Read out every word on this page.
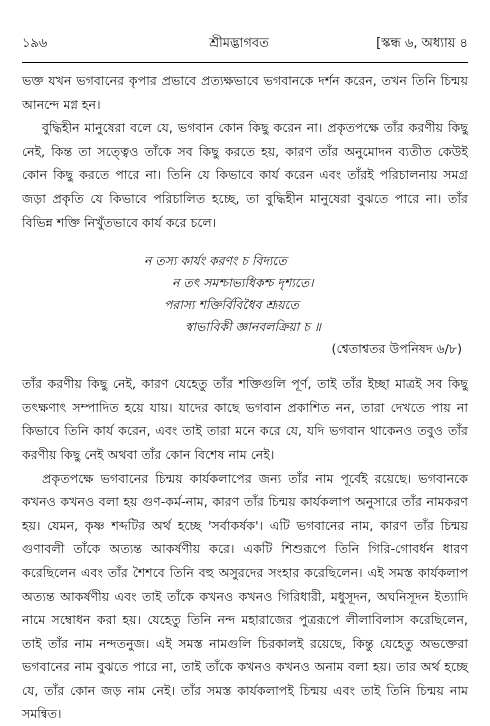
১৯৬	শ্রীমদ্ভাগবত	[স্কন্ধ ৬, অধ্যায় ৪

ভক্ত যখন ভগবানের কৃপার প্রভাবে প্রত্যক্ষভাবে ভগবানকে দর্শন করেন, তখন তিনি চিন্ময় আনন্দে মগ্ন হন।

বুদ্ধিহীন মানুষেরা বলে যে, ভগবান কোন কিছু করেন না। প্রকৃতপক্ষে তাঁর করণীয় কিছু নেই, কিন্ত তা সত্ত্বেও তাঁকে সব কিছু করতে হয়, কারণ তাঁর অনুমোদন ব্যতীত কেউই কোন কিছু করতে পারে না। তিনি যে কিভাবে কার্য করেন এবং তাঁরই পরিচালনায় সমগ্র জড়া প্রকৃতি যে কিভাবে পরিচালিত হচ্ছে, তা বুদ্ধিহীন মানুষেরা বুঝতে পারে না। তাঁর বিভিন্ন শক্তি নিখুঁতভাবে কার্য করে চলে।

ন তস্য কার্যং করণং চ বিদ্যতে

ন তৎ সমশ্চাভ্যধিকশ্চ দৃশ্যতে।

পরাস্য শক্তির্বিবিধৈব শ্রূয়তে

স্বাভাবিকী জ্ঞানবলক্রিয়া চ ॥

(শ্বেতাশ্বতর উপনিষদ ৬/৮)

তাঁর করণীয় কিছু নেই, কারণ যেহেতু তাঁর শক্তিগুলি পূর্ণ, তাই তাঁর ইচ্ছা মাত্রই সব কিছু তৎক্ষণাৎ সম্পাদিত হয়ে যায়। যাদের কাছে ভগবান প্রকাশিত নন, তারা দেখতে পায় না কিভাবে তিনি কার্য করেন, এবং তাই তারা মনে করে যে, যদি ভগবান থাকেনও তবুও তাঁর করণীয় কিছু নেই অথবা তাঁর কোন বিশেষ নাম নেই।

প্রকৃতপক্ষে ভগবানের চিন্ময় কার্যকলাপের জন্য তাঁর নাম পূর্বেই রয়েছে। ভগবানকে কখনও কখনও বলা হয় গুণ-কর্ম-নাম, কারণ তাঁর চিন্ময় কার্যকলাপ অনুসারে তাঁর নামকরণ হয়। যেমন, কৃষ্ণ শব্দটির অর্থ হচ্ছে 'সর্বাকর্ষক'। এটি ভগবানের নাম, কারণ তাঁর চিন্ময় গুণাবলী তাঁকে অত্যন্ত আকর্ষণীয় করে। একটি শিশুরূপে তিনি গিরি-গোবর্ধন ধারণ করেছিলেন এবং তাঁর শৈশবে তিনি বহু অসুরদের সংহার করেছিলেন। এই সমস্ত কার্যকলাপ অত্যন্ত আকর্ষণীয় এবং তাই তাঁকে কখনও কখনও গিরিধারী, মধুসূদন, অঘনিসূদন ইত্যাদি নামে সম্বোধন করা হয়। যেহেতু তিনি নন্দ মহারাজের পুত্ররূপে লীলাবিলাস করেছিলেন, তাই তাঁর নাম নন্দতনুজ। এই সমস্ত নামগুলি চিরকালই রয়েছে, কিন্তু যেহেতু অভক্তেরা ভগবানের নাম বুঝতে পারে না, তাই তাঁকে কখনও কখনও অনাম বলা হয়। তার অর্থ হচ্ছে যে, তাঁর কোন জড় নাম নেই। তাঁর সমস্ত কার্যকলাপই চিন্ময় এবং তাই তিনি চিন্ময় নাম সমন্বিত।
